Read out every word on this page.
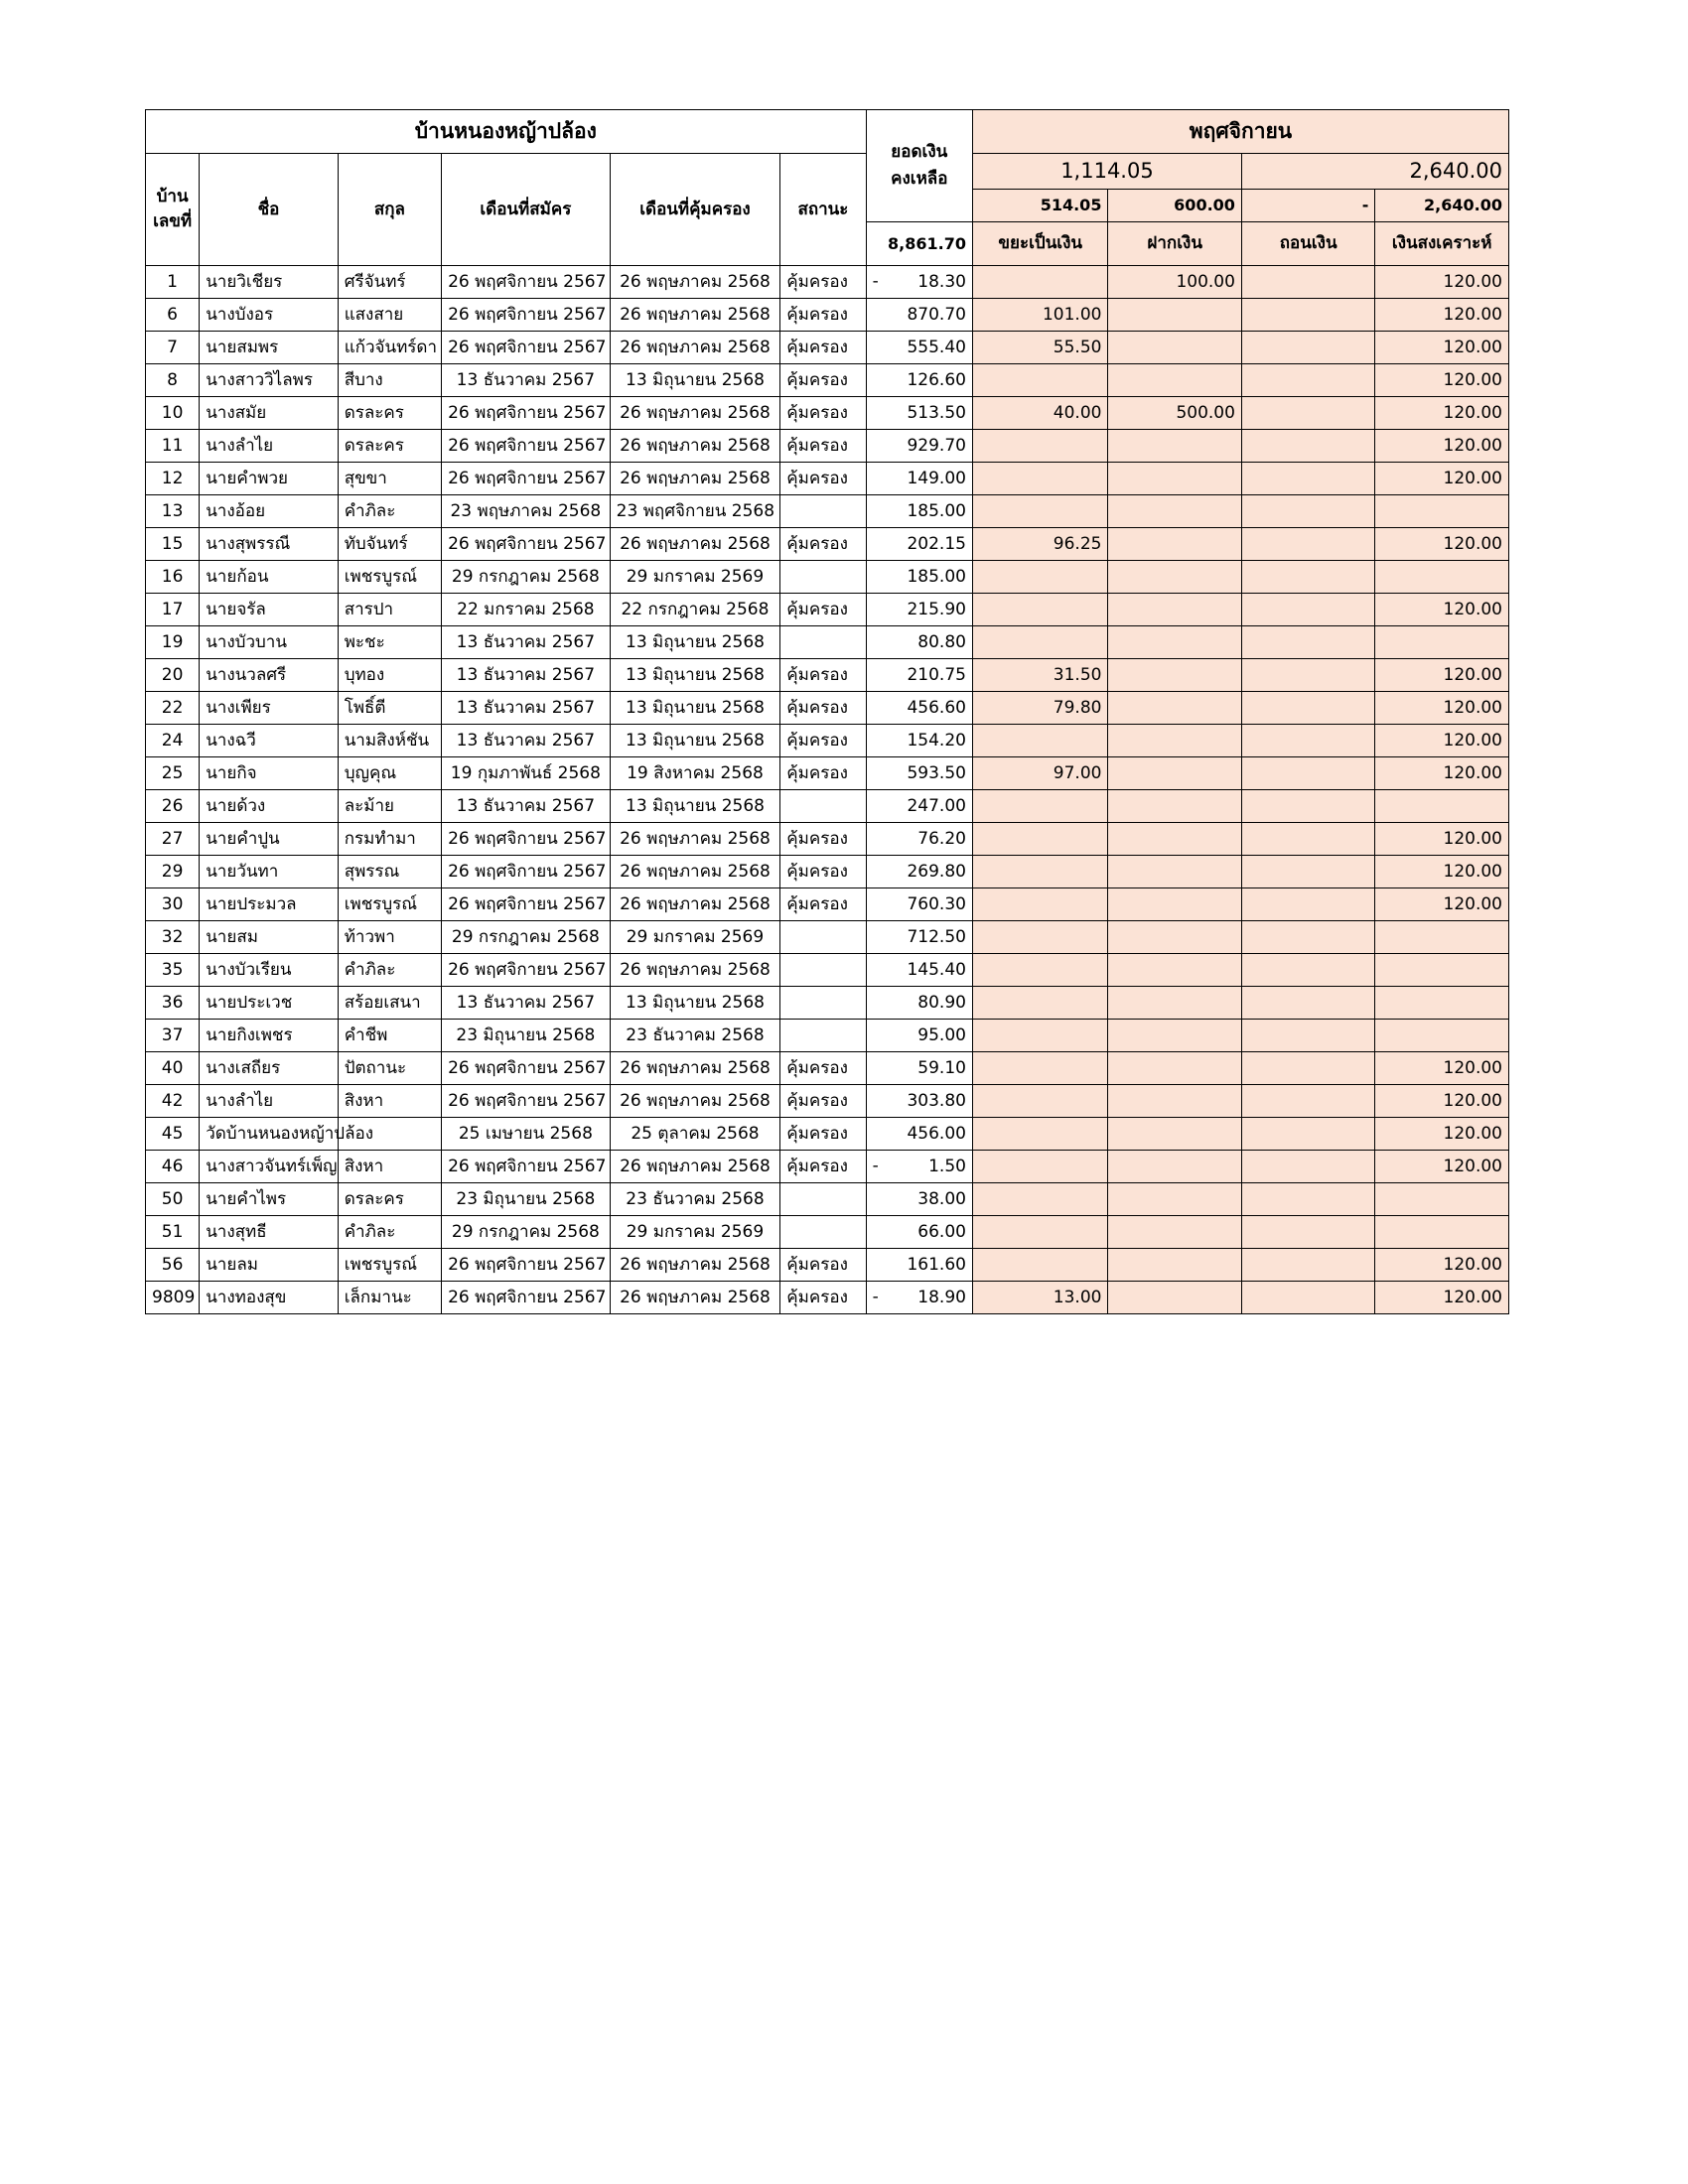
บ้านหนองหญ้าปล้อง						ยอดเงิน
คงเหลือ	พฤศจิกายน			

บ้าน
เลขที่	ชื่อ	สกุล	เดือนที่สมัคร	เดือนที่คุ้มครอง	สถานะ		1,114.05		2,640.00	
							514.05	600.00	-	2,640.00
						8,861.70	ขยะเป็นเงิน	ฝากเงิน	ถอนเงิน	เงินสงเคราะห์
1	นายวิเชียร	ศรีจันทร์	26 พฤศจิกายน 2567	26 พฤษภาคม 2568	คุ้มครอง	- 18.30		100.00		120.00
6	นางบังอร	แสงสาย	26 พฤศจิกายน 2567	26 พฤษภาคม 2568	คุ้มครอง	870.70	101.00			120.00
7	นายสมพร	แก้วจันทร์ดา	26 พฤศจิกายน 2567	26 พฤษภาคม 2568	คุ้มครอง	555.40	55.50			120.00
8	นางสาววิไลพร	สีบาง	13 ธันวาคม 2567	13 มิถุนายน 2568	คุ้มครอง	126.60				120.00
10	นางสมัย	ดรละคร	26 พฤศจิกายน 2567	26 พฤษภาคม 2568	คุ้มครอง	513.50	40.00	500.00		120.00
11	นางลำไย	ดรละคร	26 พฤศจิกายน 2567	26 พฤษภาคม 2568	คุ้มครอง	929.70				120.00
12	นายคำพวย	สุขขา	26 พฤศจิกายน 2567	26 พฤษภาคม 2568	คุ้มครอง	149.00				120.00
13	นางอ้อย	คำภิละ	23 พฤษภาคม 2568	23 พฤศจิกายน 2568		185.00				
15	นางสุพรรณี	ทับจันทร์	26 พฤศจิกายน 2567	26 พฤษภาคม 2568	คุ้มครอง	202.15	96.25			120.00
16	นายก้อน	เพชรบูรณ์	29 กรกฎาคม 2568	29 มกราคม 2569		185.00				
17	นายจรัล	สารปา	22 มกราคม 2568	22 กรกฎาคม 2568	คุ้มครอง	215.90				120.00
19	นางบัวบาน	พะชะ	13 ธันวาคม 2567	13 มิถุนายน 2568		80.80				
20	นางนวลศรี	บุทอง	13 ธันวาคม 2567	13 มิถุนายน 2568	คุ้มครอง	210.75	31.50			120.00
22	นางเพียร	โพธิ์ตี	13 ธันวาคม 2567	13 มิถุนายน 2568	คุ้มครอง	456.60	79.80			120.00
24	นางฉวี	นามสิงห์ชัน	13 ธันวาคม 2567	13 มิถุนายน 2568	คุ้มครอง	154.20				120.00
25	นายกิจ	บุญคุณ	19 กุมภาพันธ์ 2568	19 สิงหาคม 2568	คุ้มครอง	593.50	97.00			120.00
26	นายด้วง	ละม้าย	13 ธันวาคม 2567	13 มิถุนายน 2568		247.00				
27	นายคำปูน	กรมทำมา	26 พฤศจิกายน 2567	26 พฤษภาคม 2568	คุ้มครอง	76.20				120.00
29	นายวันทา	สุพรรณ	26 พฤศจิกายน 2567	26 พฤษภาคม 2568	คุ้มครอง	269.80				120.00
30	นายประมวล	เพชรบูรณ์	26 พฤศจิกายน 2567	26 พฤษภาคม 2568	คุ้มครอง	760.30				120.00
32	นายสม	ท้าวพา	29 กรกฎาคม 2568	29 มกราคม 2569		712.50				
35	นางบัวเรียน	คำภิละ	26 พฤศจิกายน 2567	26 พฤษภาคม 2568		145.40				
36	นายประเวช	สร้อยเสนา	13 ธันวาคม 2567	13 มิถุนายน 2568		80.90				
37	นายกิงเพชร	คำชีพ	23 มิถุนายน 2568	23 ธันวาคม 2568		95.00				
40	นางเสถียร	ปัตถานะ	26 พฤศจิกายน 2567	26 พฤษภาคม 2568	คุ้มครอง	59.10				120.00
42	นางลำไย	สิงหา	26 พฤศจิกายน 2567	26 พฤษภาคม 2568	คุ้มครอง	303.80				120.00
45	วัดบ้านหนองหญ้าปล้อง		25 เมษายน 2568	25 ตุลาคม 2568	คุ้มครอง	456.00				120.00
46	นางสาวจันทร์เพ็ญ	สิงหา	26 พฤศจิกายน 2567	26 พฤษภาคม 2568	คุ้มครอง	- 1.50				120.00
50	นายคำไพร	ดรละคร	23 มิถุนายน 2568	23 ธันวาคม 2568		38.00				
51	นางสุทธี	คำภิละ	29 กรกฎาคม 2568	29 มกราคม 2569		66.00				
56	นายลม	เพชรบูรณ์	26 พฤศจิกายน 2567	26 พฤษภาคม 2568	คุ้มครอง	161.60				120.00
9809	นางทองสุข	เล็กมานะ	26 พฤศจิกายน 2567	26 พฤษภาคม 2568	คุ้มครอง	- 18.90	13.00			120.00
